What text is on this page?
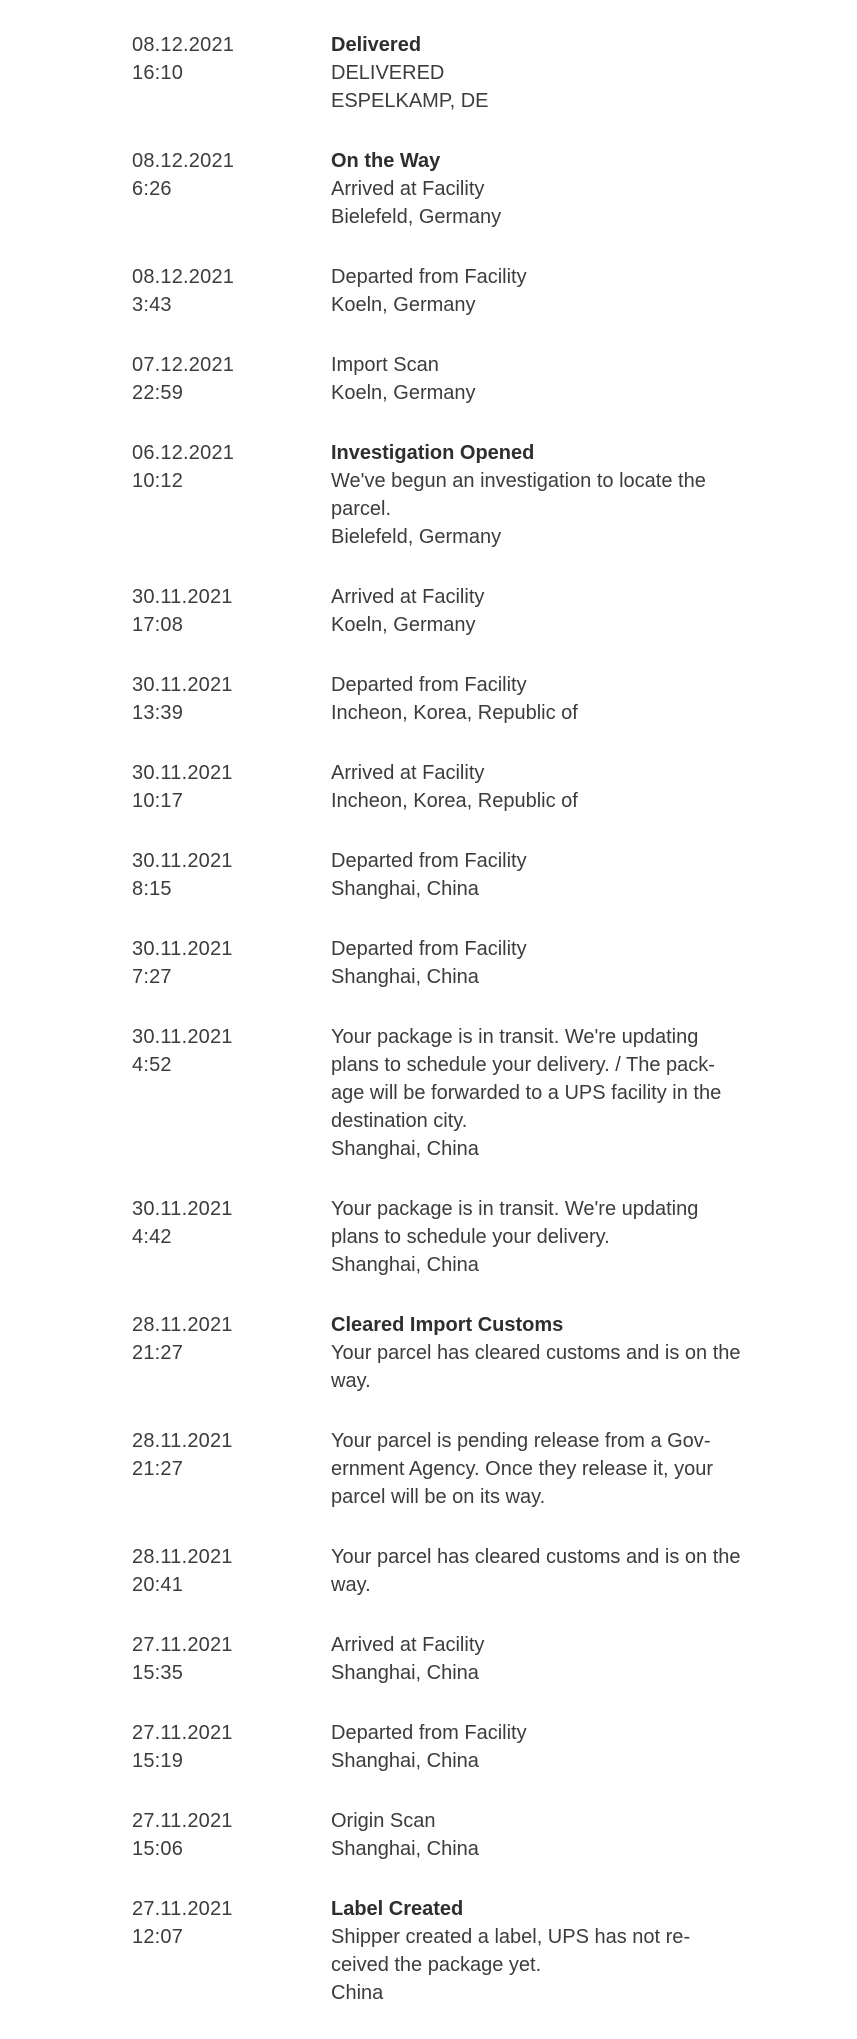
08.12.2021
16:10
Delivered
DELIVERED
ESPELKAMP, DE
08.12.2021
6:26
On the Way
Arrived at Facility
Bielefeld, Germany
08.12.2021
3:43
Departed from Facility
Koeln, Germany
07.12.2021
22:59
Import Scan
Koeln, Germany
06.12.2021
10:12
Investigation Opened
We've begun an investigation to locate the parcel.
Bielefeld, Germany
30.11.2021
17:08
Arrived at Facility
Koeln, Germany
30.11.2021
13:39
Departed from Facility
Incheon, Korea, Republic of
30.11.2021
10:17
Arrived at Facility
Incheon, Korea, Republic of
30.11.2021
8:15
Departed from Facility
Shanghai, China
30.11.2021
7:27
Departed from Facility
Shanghai, China
30.11.2021
4:52
Your package is in transit. We're updating plans to schedule your delivery. / The package will be forwarded to a UPS facility in the destination city.
Shanghai, China
30.11.2021
4:42
Your package is in transit. We're updating plans to schedule your delivery.
Shanghai, China
28.11.2021
21:27
Cleared Import Customs
Your parcel has cleared customs and is on the way.
28.11.2021
21:27
Your parcel is pending release from a Government Agency. Once they release it, your parcel will be on its way.
28.11.2021
20:41
Your parcel has cleared customs and is on the way.
27.11.2021
15:35
Arrived at Facility
Shanghai, China
27.11.2021
15:19
Departed from Facility
Shanghai, China
27.11.2021
15:06
Origin Scan
Shanghai, China
27.11.2021
12:07
Label Created
Shipper created a label, UPS has not received the package yet.
China
